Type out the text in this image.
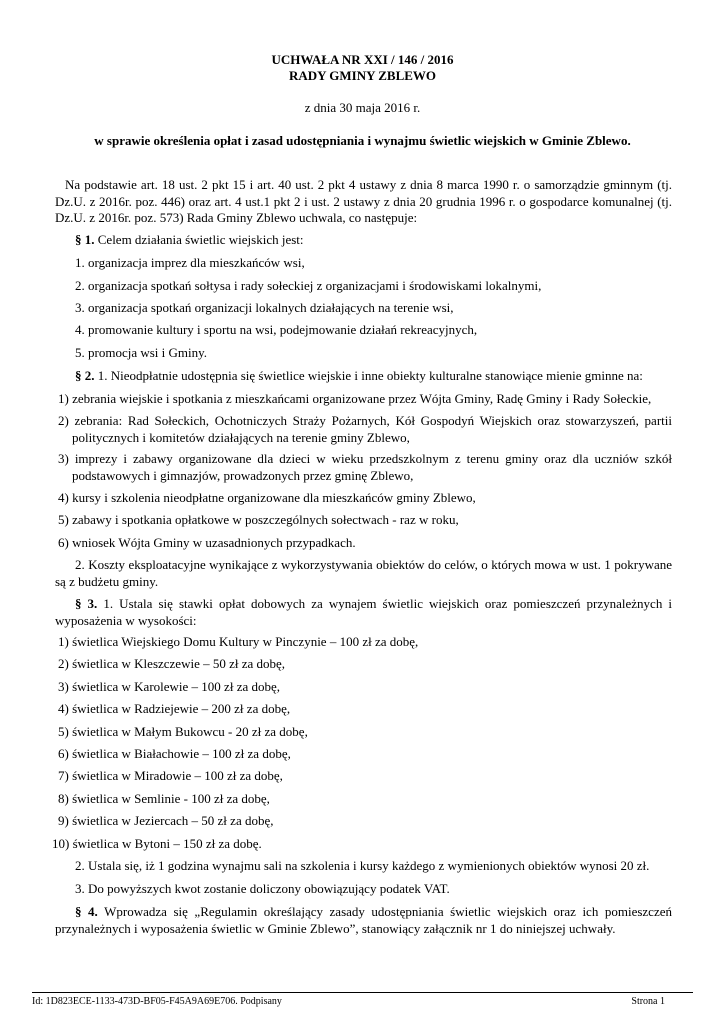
UCHWAŁA NR XXI / 146 / 2016
RADY GMINY ZBLEWO
z dnia 30 maja 2016 r.
w sprawie określenia opłat i zasad udostępniania i wynajmu świetlic wiejskich w Gminie Zblewo.
Na podstawie art. 18 ust. 2 pkt 15 i art. 40 ust. 2 pkt 4 ustawy z dnia 8 marca 1990 r. o samorządzie gminnym (tj. Dz.U. z 2016r. poz. 446) oraz art. 4 ust.1 pkt 2 i ust. 2 ustawy z dnia 20 grudnia 1996 r. o gospodarce komunalnej (tj. Dz.U. z 2016r. poz. 573) Rada Gminy Zblewo uchwala, co następuje:
§ 1. Celem działania świetlic wiejskich jest:
1. organizacja imprez dla mieszkańców wsi,
2. organizacja spotkań sołtysa i rady sołeckiej z organizacjami i środowiskami lokalnymi,
3. organizacja spotkań organizacji lokalnych działających na terenie wsi,
4. promowanie kultury i sportu na wsi, podejmowanie działań rekreacyjnych,
5. promocja wsi i Gminy.
§ 2. 1. Nieodpłatnie udostępnia się świetlice wiejskie i inne obiekty kulturalne stanowiące mienie gminne na:
1) zebrania wiejskie i spotkania z mieszkańcami organizowane przez Wójta Gminy, Radę Gminy i Rady Sołeckie,
2) zebrania: Rad Sołeckich, Ochotniczych Straży Pożarnych, Kół Gospodyń Wiejskich oraz stowarzyszeń, partii politycznych i komitetów działających na terenie gminy Zblewo,
3) imprezy i zabawy organizowane dla dzieci w wieku przedszkolnym z terenu gminy oraz dla uczniów szkół podstawowych i gimnazjów, prowadzonych przez gminę Zblewo,
4) kursy i szkolenia nieodpłatne organizowane dla mieszkańców gminy Zblewo,
5) zabawy i spotkania opłatkowe w poszczególnych sołectwach - raz w roku,
6) wniosek Wójta Gminy w uzasadnionych przypadkach.
2. Koszty eksploatacyjne wynikające z wykorzystywania obiektów do celów, o których mowa w ust. 1 pokrywane są z budżetu gminy.
§ 3. 1. Ustala się stawki opłat dobowych za wynajem świetlic wiejskich oraz pomieszczeń przynależnych i wyposażenia w wysokości:
1) świetlica Wiejskiego Domu Kultury w Pinczynie – 100 zł za dobę,
2) świetlica w Kleszczewie – 50 zł za dobę,
3) świetlica w Karolewie – 100 zł za dobę,
4) świetlica w Radziejewie – 200 zł za dobę,
5) świetlica w Małym Bukowcu - 20 zł za dobę,
6) świetlica w Białachowie – 100 zł za dobę,
7) świetlica w Miradowie – 100 zł za dobę,
8) świetlica w Semlinie - 100 zł za dobę,
9) świetlica w Jeziercach – 50 zł za dobę,
10) świetlica w Bytoni – 150 zł za dobę.
2. Ustala się, iż 1 godzina wynajmu sali na szkolenia i kursy każdego z wymienionych obiektów wynosi 20 zł.
3. Do powyższych kwot zostanie doliczony obowiązujący podatek VAT.
§ 4. Wprowadza się „Regulamin określający zasady udostępniania świetlic wiejskich oraz ich pomieszczeń przynależnych i wyposażenia świetlic w Gminie Zblewo”, stanowiący załącznik nr 1 do niniejszej uchwały.
Id: 1D823ECE-1133-473D-BF05-F45A9A69E706. Podpisany	Strona 1
